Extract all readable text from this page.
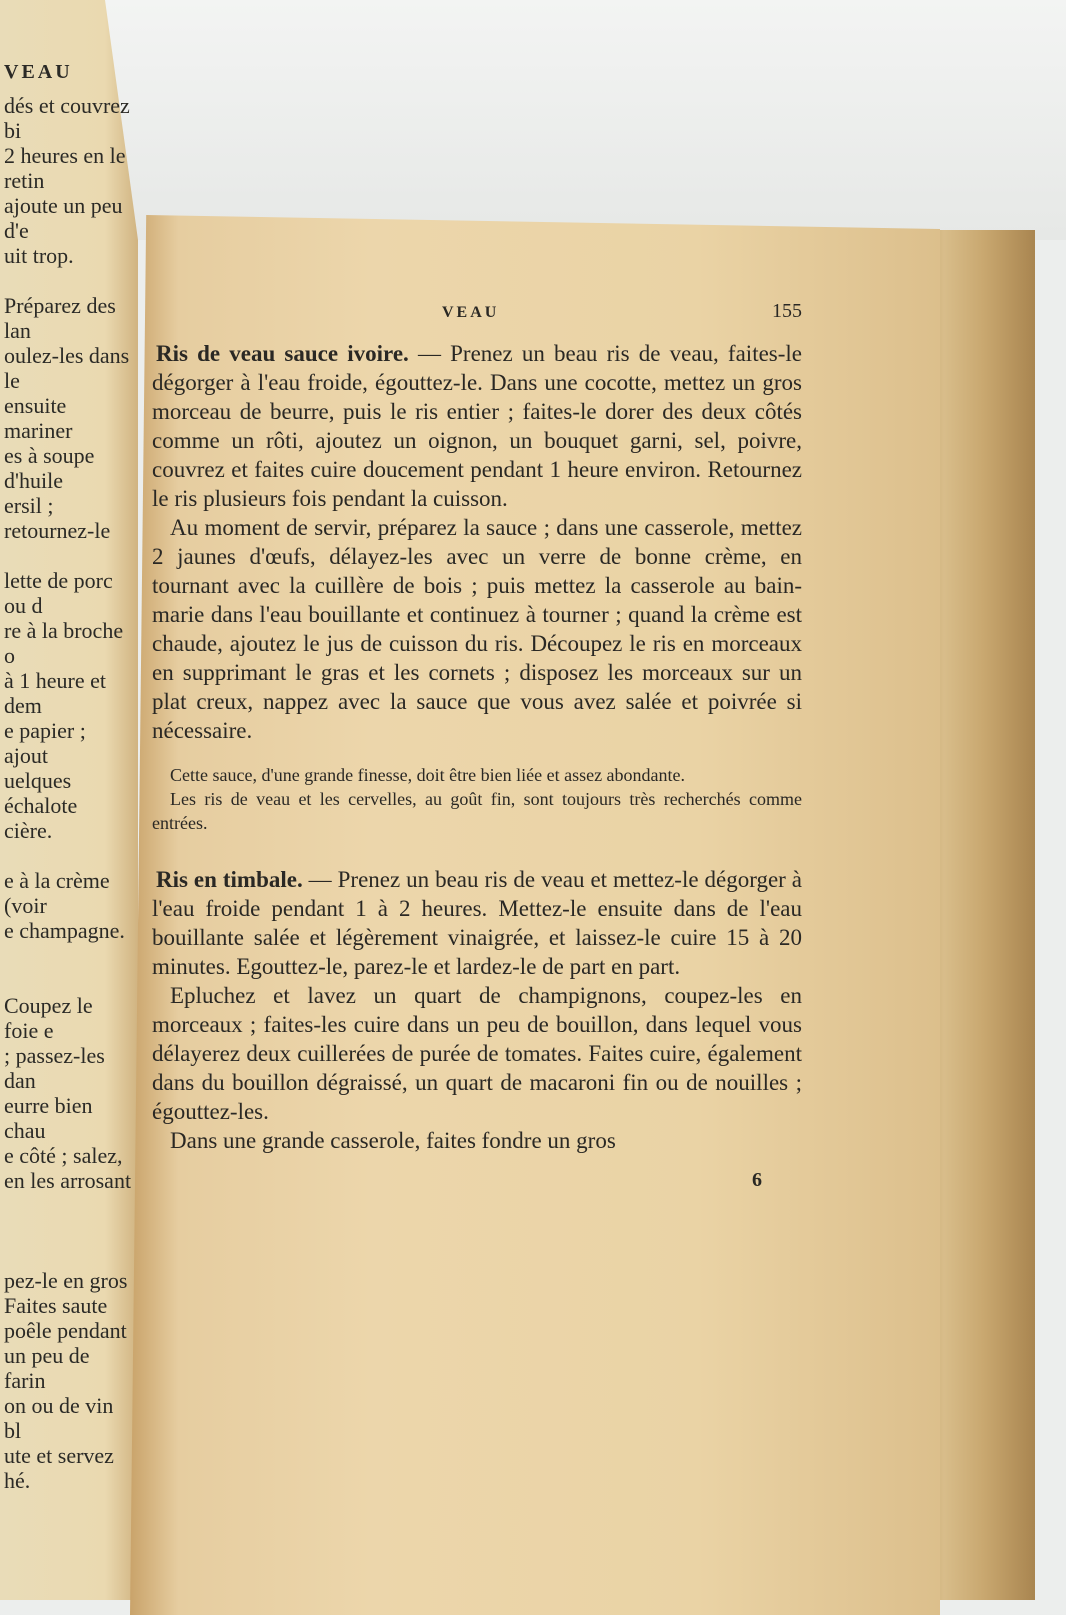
VEAU
dés et couvrez bi
2 heures en le retin
ajoute un peu d'e
uit trop.
Préparez des lan
oulez-les dans le
ensuite mariner
es à soupe d'huile
ersil ; retournez-le
lette de porc ou d
re à la broche o
à 1 heure et dem
e papier ; ajout
uelques échalote
cière.
e à la crème (voir
e champagne.
Coupez le foie e
; passez-les dan
eurre bien chau
e côté ; salez,
en les arrosant
pez-le en gros
Faites saute
poêle pendant
un peu de farin
on ou de vin bl
ute et servez
hé.
VEAU	155

Ris de veau sauce ivoire. — Prenez un beau ris de veau, faites-le dégorger à l'eau froide, égouttez-le. Dans une cocotte, mettez un gros morceau de beurre, puis le ris entier ; faites-le dorer des deux côtés comme un rôti, ajoutez un oignon, un bouquet garni, sel, poivre, couvrez et faites cuire doucement pendant 1 heure environ. Retournez le ris plusieurs fois pendant la cuisson.

Au moment de servir, préparez la sauce ; dans une casserole, mettez 2 jaunes d'œufs, délayez-les avec un verre de bonne crème, en tournant avec la cuillère de bois ; puis mettez la casserole au bain-marie dans l'eau bouillante et continuez à tourner ; quand la crème est chaude, ajoutez le jus de cuisson du ris. Découpez le ris en morceaux en supprimant le gras et les cornets ; disposez les morceaux sur un plat creux, nappez avec la sauce que vous avez salée et poivrée si nécessaire.

Cette sauce, d'une grande finesse, doit être bien liée et assez abondante.

Les ris de veau et les cervelles, au goût fin, sont toujours très recherchés comme entrées.

Ris en timbale. — Prenez un beau ris de veau et mettez-le dégorger à l'eau froide pendant 1 à 2 heures. Mettez-le ensuite dans de l'eau bouillante salée et légèrement vinaigrée, et laissez-le cuire 15 à 20 minutes. Egouttez-le, parez-le et lardez-le de part en part.

Epluchez et lavez un quart de champignons, coupez-les en morceaux ; faites-les cuire dans un peu de bouillon, dans lequel vous délayerez deux cuillerées de purée de tomates. Faites cuire, également dans du bouillon dégraissé, un quart de macaroni fin ou de nouilles ; égouttez-les.

Dans une grande casserole, faites fondre un gros

6
